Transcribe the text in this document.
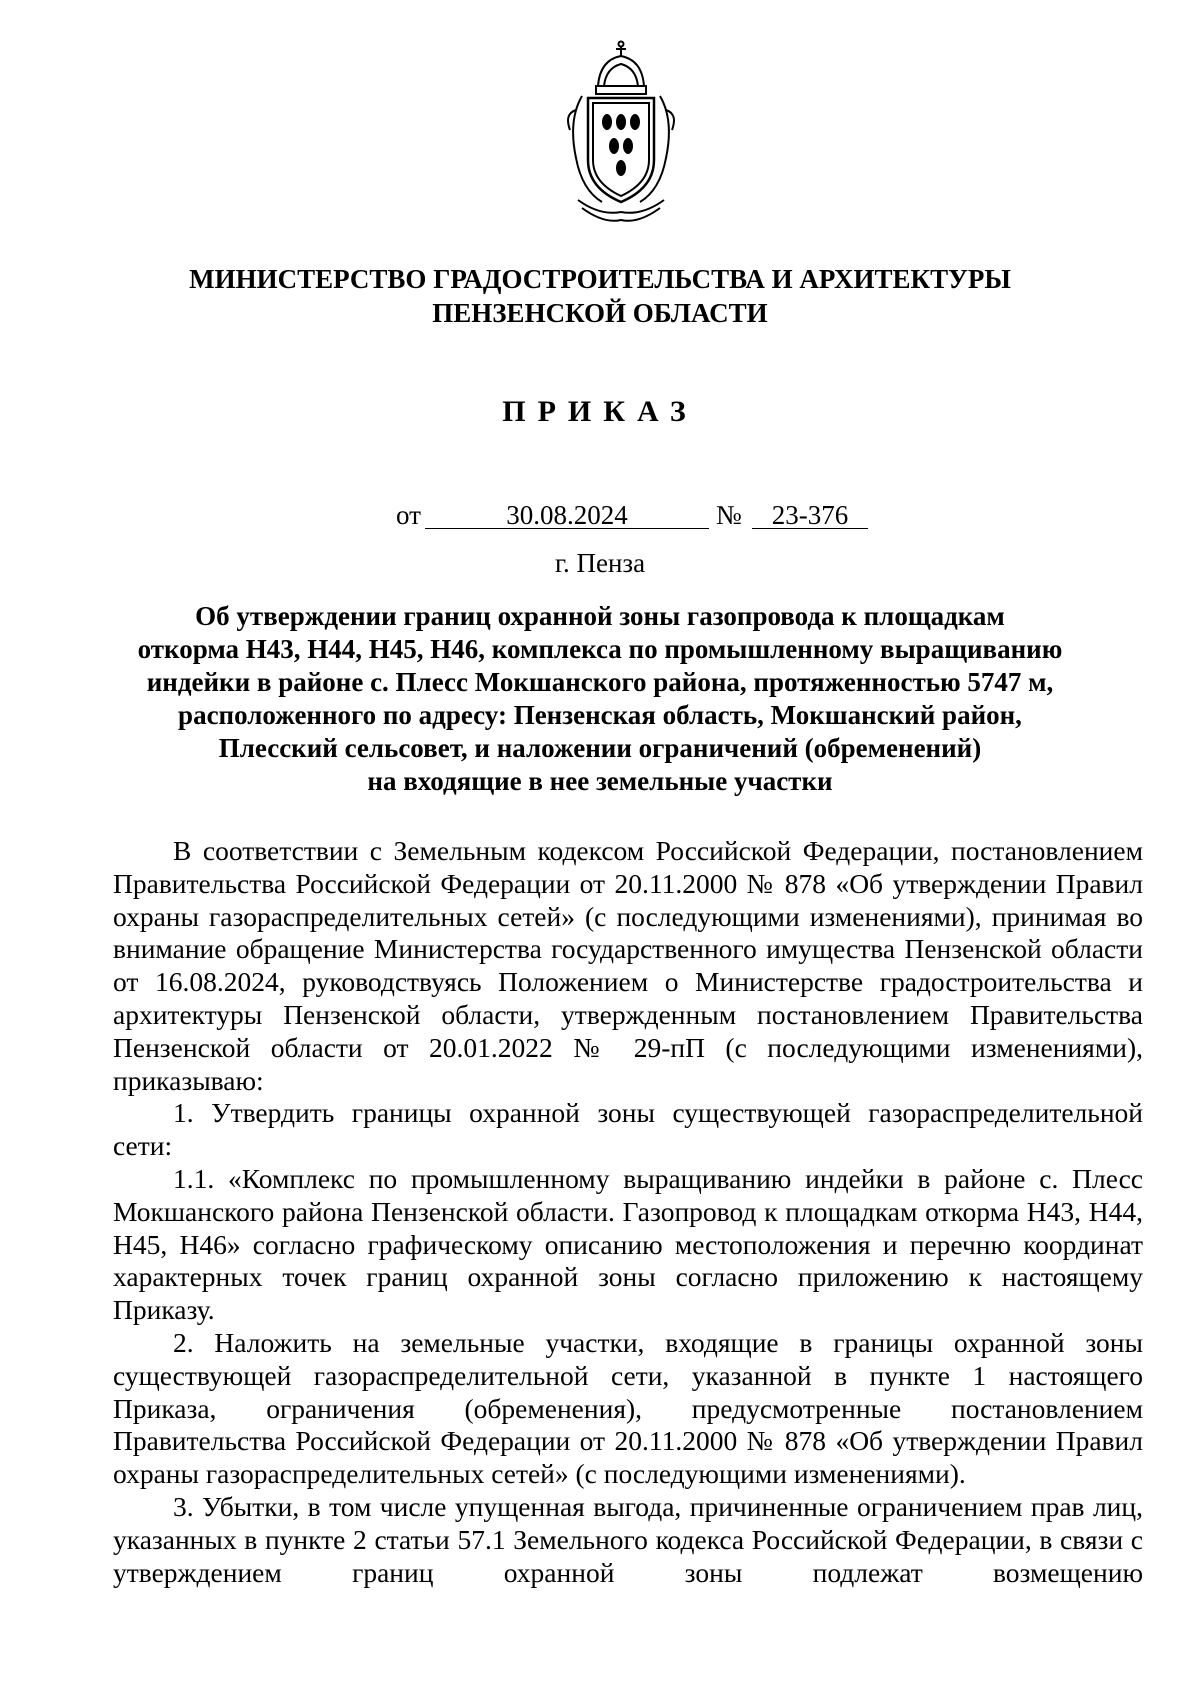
МИНИСТЕРСТВО ГРАДОСТРОИТЕЛЬСТВА И АРХИТЕКТУРЫ
ПЕНЗЕНСКОЙ ОБЛАСТИ
ПРИКАЗ
от	30.08.2024	№	23-376
г. Пенза
Об утверждении границ охранной зоны газопровода к площадкам
откорма Н43, Н44, Н45, Н46, комплекса по промышленному выращиванию
индейки в районе с. Плесс Мокшанского района, протяженностью 5747 м,
расположенного по адресу: Пензенская область, Мокшанский район,
Плесский сельсовет, и наложении ограничений (обременений)
на входящие в нее земельные участки

В соответствии с Земельным кодексом Российской Федерации, постановлением Правительства Российской Федерации от 20.11.2000 № 878 «Об утверждении Правил охраны газораспределительных сетей» (с последующими изменениями), принимая во внимание обращение Министерства государственного имущества Пензенской области от 16.08.2024, руководствуясь Положением о Министерстве градостроительства и архитектуры Пензенской области, утвержденным постановлением Правительства Пензенской области от 20.01.2022 № 29-пП (с последующими изменениями), приказываю:

1. Утвердить границы охранной зоны существующей газораспределительной сети:

1.1. «Комплекс по промышленному выращиванию индейки в районе с. Плесс Мокшанского района Пензенской области. Газопровод к площадкам откорма Н43, Н44, Н45, Н46» согласно графическому описанию местоположения и перечню координат характерных точек границ охранной зоны согласно приложению к настоящему Приказу.

2. Наложить на земельные участки, входящие в границы охранной зоны существующей газораспределительной сети, указанной в пункте 1 настоящего Приказа, ограничения (обременения), предусмотренные постановлением Правительства Российской Федерации от 20.11.2000 № 878 «Об утверждении Правил охраны газораспределительных сетей» (с последующими изменениями).

3. Убытки, в том числе упущенная выгода, причиненные ограничением прав лиц, указанных в пункте 2 статьи 57.1 Земельного кодекса Российской Федерации, в связи с утверждением границ охранной зоны подлежат возмещению
